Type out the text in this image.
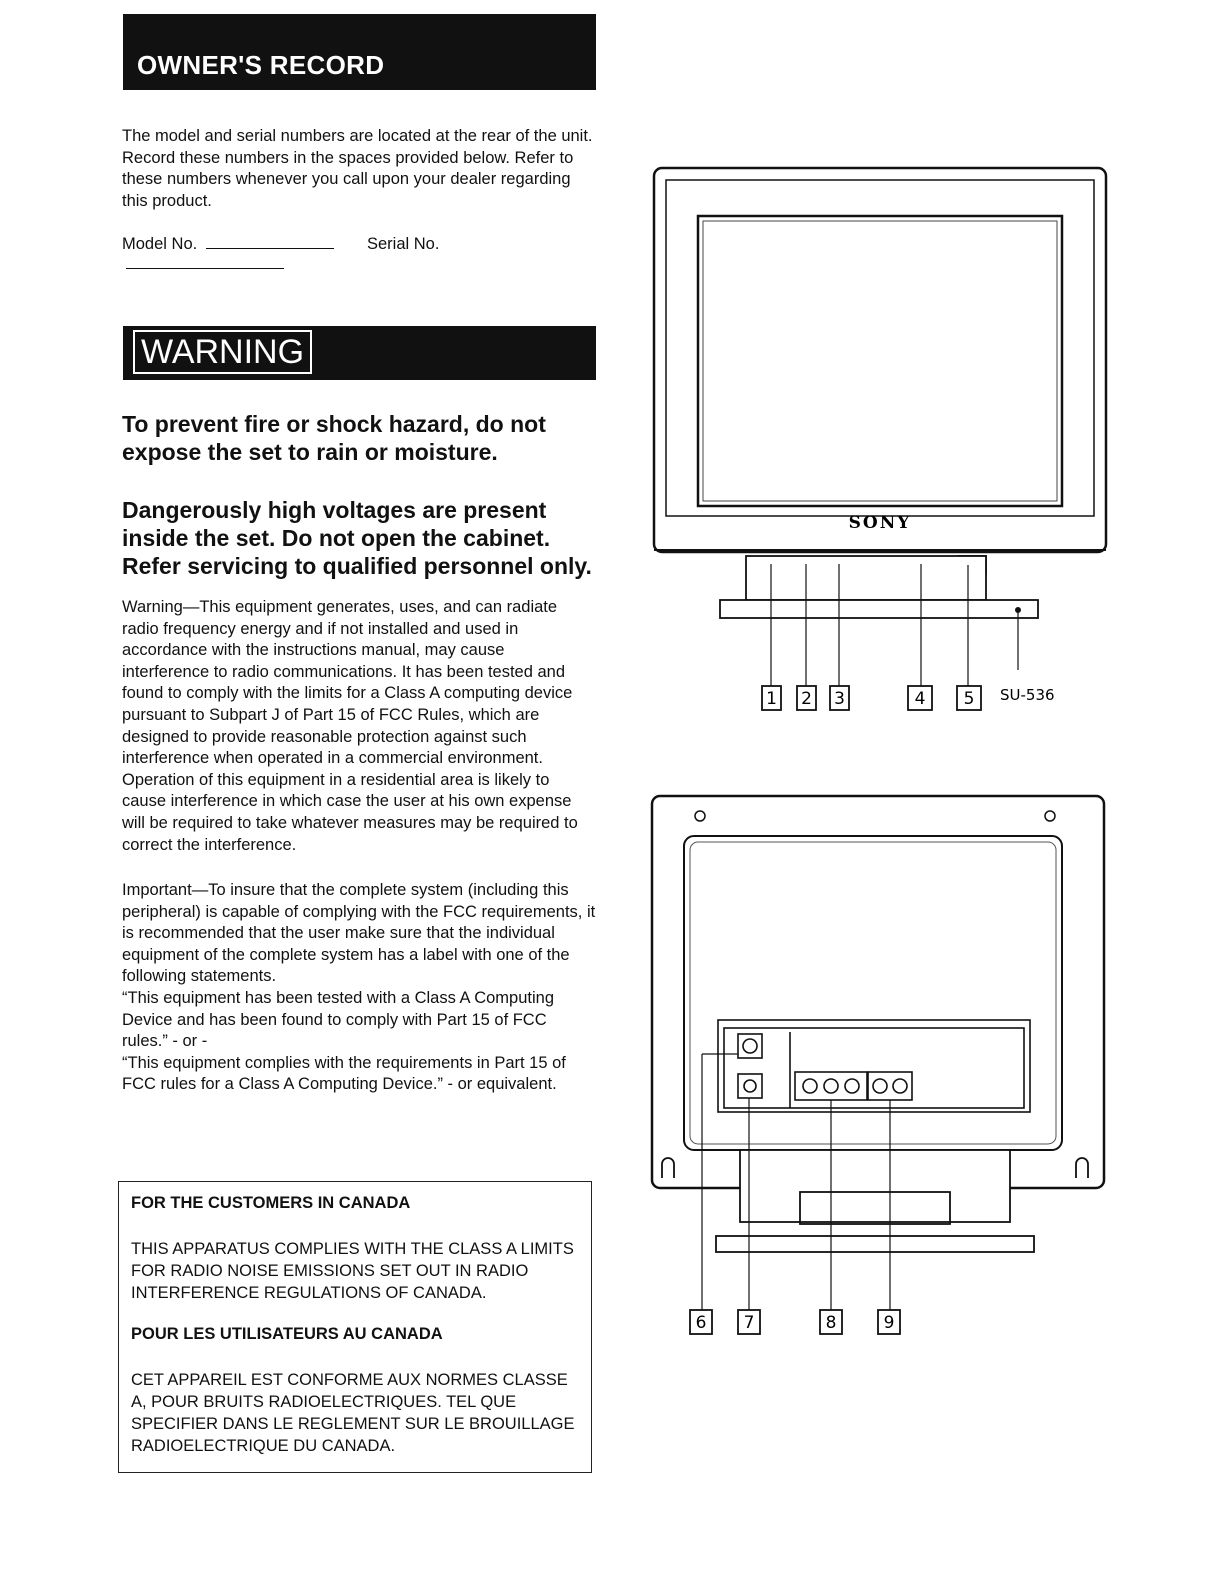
OWNER'S RECORD

The model and serial numbers are located at the rear of the unit. Record these numbers in the spaces provided below. Refer to these numbers whenever you call upon your dealer regarding this product.

Model No.	Serial No.
WARNING

To prevent fire or shock hazard, do not expose the set to rain or moisture.

Dangerously high voltages are present inside the set. Do not open the cabinet. Refer servicing to qualified personnel only.

Warning—This equipment generates, uses, and can radiate radio frequency energy and if not installed and used in accordance with the instructions manual, may cause interference to radio communications. It has been tested and found to comply with the limits for a Class A computing device pursuant to Subpart J of Part 15 of FCC Rules, which are designed to provide reasonable protection against such interference when operated in a commercial environment. Operation of this equipment in a residential area is likely to cause interference in which case the user at his own expense will be required to take whatever measures may be required to correct the interference.

Important—To insure that the complete system (including this peripheral) is capable of complying with the FCC requirements, it is recommended that the user make sure that the individual equipment of the complete system has a label with one of the following statements.
“This equipment has been tested with a Class A Computing Device and has been found to comply with Part 15 of FCC rules.” - or -
“This equipment complies with the requirements in Part 15 of FCC rules for a Class A Computing Device.” - or equivalent.
FOR THE CUSTOMERS IN CANADA

THIS APPARATUS COMPLIES WITH THE CLASS A LIMITS FOR RADIO NOISE EMISSIONS SET OUT IN RADIO INTERFERENCE REGULATIONS OF CANADA.

POUR LES UTILISATEURS AU CANADA

CET APPAREIL EST CONFORME AUX NORMES CLASSE A, POUR BRUITS RADIOELECTRIQUES. TEL QUE SPECIFIER DANS LE REGLEMENT SUR LE BROUILLAGE RADIOELECTRIQUE DU CANADA.

SONY
1 2 3	4 5 SU-536
6 7	8	9
